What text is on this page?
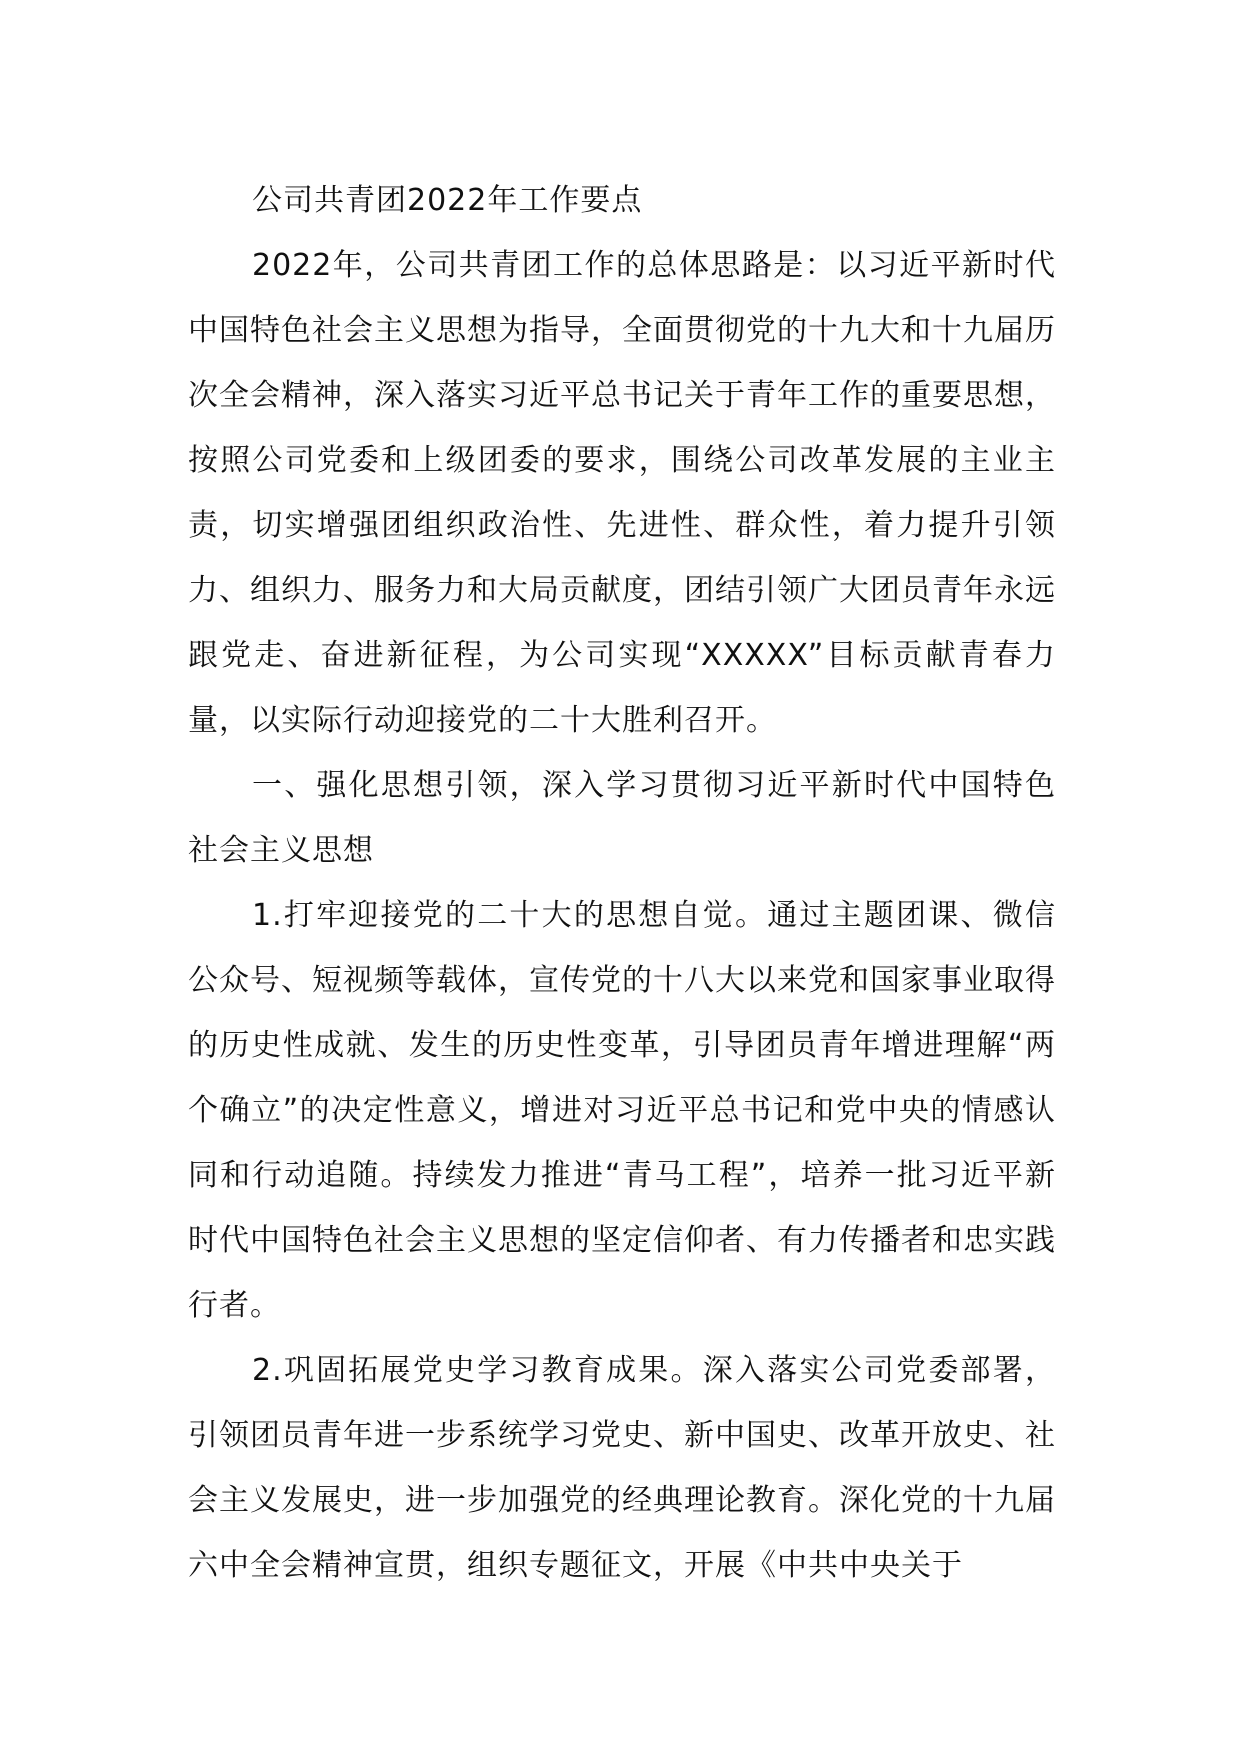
公司共青团2022年工作要点

2022年，公司共青团工作的总体思路是：以习近平新时代中国特色社会主义思想为指导，全面贯彻党的十九大和十九届历次全会精神，深入落实习近平总书记关于青年工作的重要思想，按照公司党委和上级团委的要求，围绕公司改革发展的主业主责，切实增强团组织政治性、先进性、群众性，着力提升引领力、组织力、服务力和大局贡献度，团结引领广大团员青年永远跟党走、奋进新征程，为公司实现“XXXXX”目标贡献青春力量，以实际行动迎接党的二十大胜利召开。

一、强化思想引领，深入学习贯彻习近平新时代中国特色社会主义思想

1.打牢迎接党的二十大的思想自觉。通过主题团课、微信公众号、短视频等载体，宣传党的十八大以来党和国家事业取得的历史性成就、发生的历史性变革，引导团员青年增进理解“两个确立”的决定性意义，增进对习近平总书记和党中央的情感认同和行动追随。持续发力推进“青马工程”，培养一批习近平新时代中国特色社会主义思想的坚定信仰者、有力传播者和忠实践行者。

2.巩固拓展党史学习教育成果。深入落实公司党委部署，引领团员青年进一步系统学习党史、新中国史、改革开放史、社会主义发展史，进一步加强党的经典理论教育。深化党的十九届六中全会精神宣贯，组织专题征文，开展《中共中央关于
